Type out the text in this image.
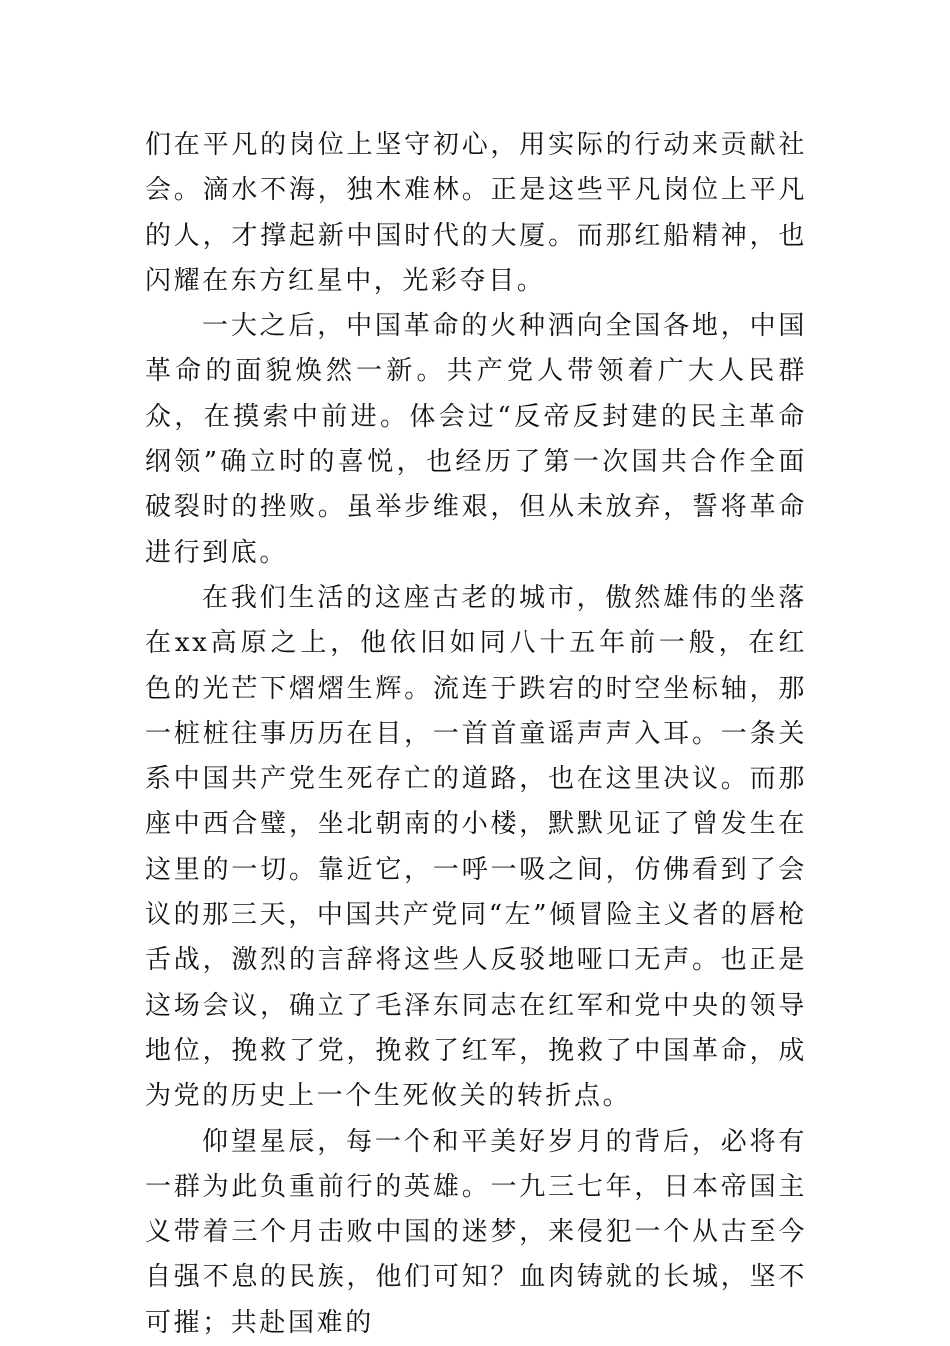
们在平凡的岗位上坚守初心，用实际的行动来贡献社会。滴水不海，独木难林。正是这些平凡岗位上平凡的人，才撑起新中国时代的大厦。而那红船精神，也闪耀在东方红星中，光彩夺目。

一大之后，中国革命的火种洒向全国各地，中国革命的面貌焕然一新。共产党人带领着广大人民群众，在摸索中前进。体会过“反帝反封建的民主革命纲领”确立时的喜悦，也经历了第一次国共合作全面破裂时的挫败。虽举步维艰，但从未放弃，誓将革命进行到底。

在我们生活的这座古老的城市，傲然雄伟的坐落在xx高原之上，他依旧如同八十五年前一般，在红色的光芒下熠熠生辉。流连于跌宕的时空坐标轴，那一桩桩往事历历在目，一首首童谣声声入耳。一条关系中国共产党生死存亡的道路，也在这里决议。而那座中西合璧，坐北朝南的小楼，默默见证了曾发生在这里的一切。靠近它，一呼一吸之间，仿佛看到了会议的那三天，中国共产党同“左”倾冒险主义者的唇枪舌战，激烈的言辞将这些人反驳地哑口无声。也正是这场会议，确立了毛泽东同志在红军和党中央的领导地位，挽救了党，挽救了红军，挽救了中国革命，成为党的历史上一个生死攸关的转折点。

仰望星辰，每一个和平美好岁月的背后，必将有一群为此负重前行的英雄。一九三七年，日本帝国主义带着三个月击败中国的迷梦，来侵犯一个从古至今自强不息的民族，他们可知？血肉铸就的长城，坚不可摧；共赴国难的
